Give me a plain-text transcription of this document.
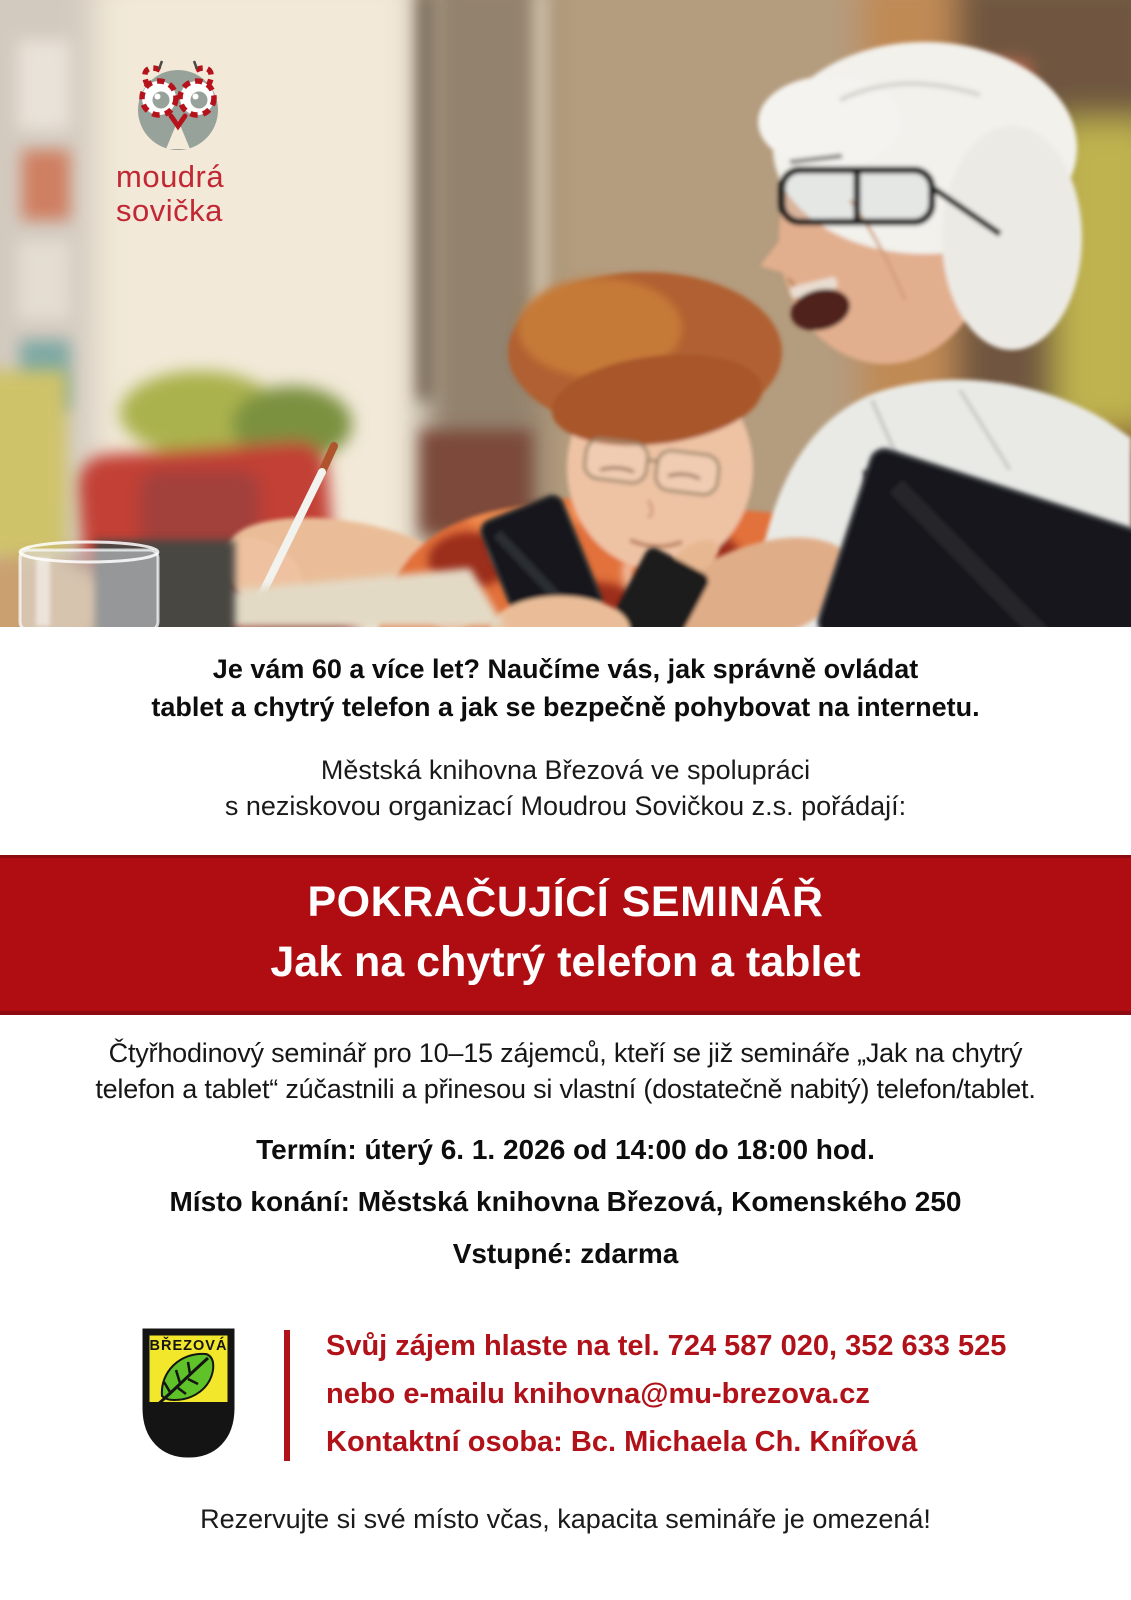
moudrá
sovička
Je vám 60 a více let? Naučíme vás, jak správně ovládat
tablet a chytrý telefon a jak se bezpečně pohybovat na internetu.
Městská knihovna Březová ve spolupráci
s neziskovou organizací Moudrou Sovičkou z.s. pořádají:
POKRAČUJÍCÍ SEMINÁŘ
Jak na chytrý telefon a tablet
Čtyřhodinový seminář pro 10–15 zájemců, kteří se již semináře „Jak na chytrý
telefon a tablet“ zúčastnili a přinesou si vlastní (dostatečně nabitý) telefon/tablet.
Termín: úterý 6. 1. 2026 od 14:00 do 18:00 hod.
Místo konání: Městská knihovna Březová, Komenského 250
Vstupné: zdarma
BŘEZOVÁ	Svůj zájem hlaste na tel. 724 587 020, 352 633 525
nebo e-mailu knihovna@mu-brezova.cz
Kontaktní osoba: Bc. Michaela Ch. Knířová
Rezervujte si své místo včas, kapacita semináře je omezená!
